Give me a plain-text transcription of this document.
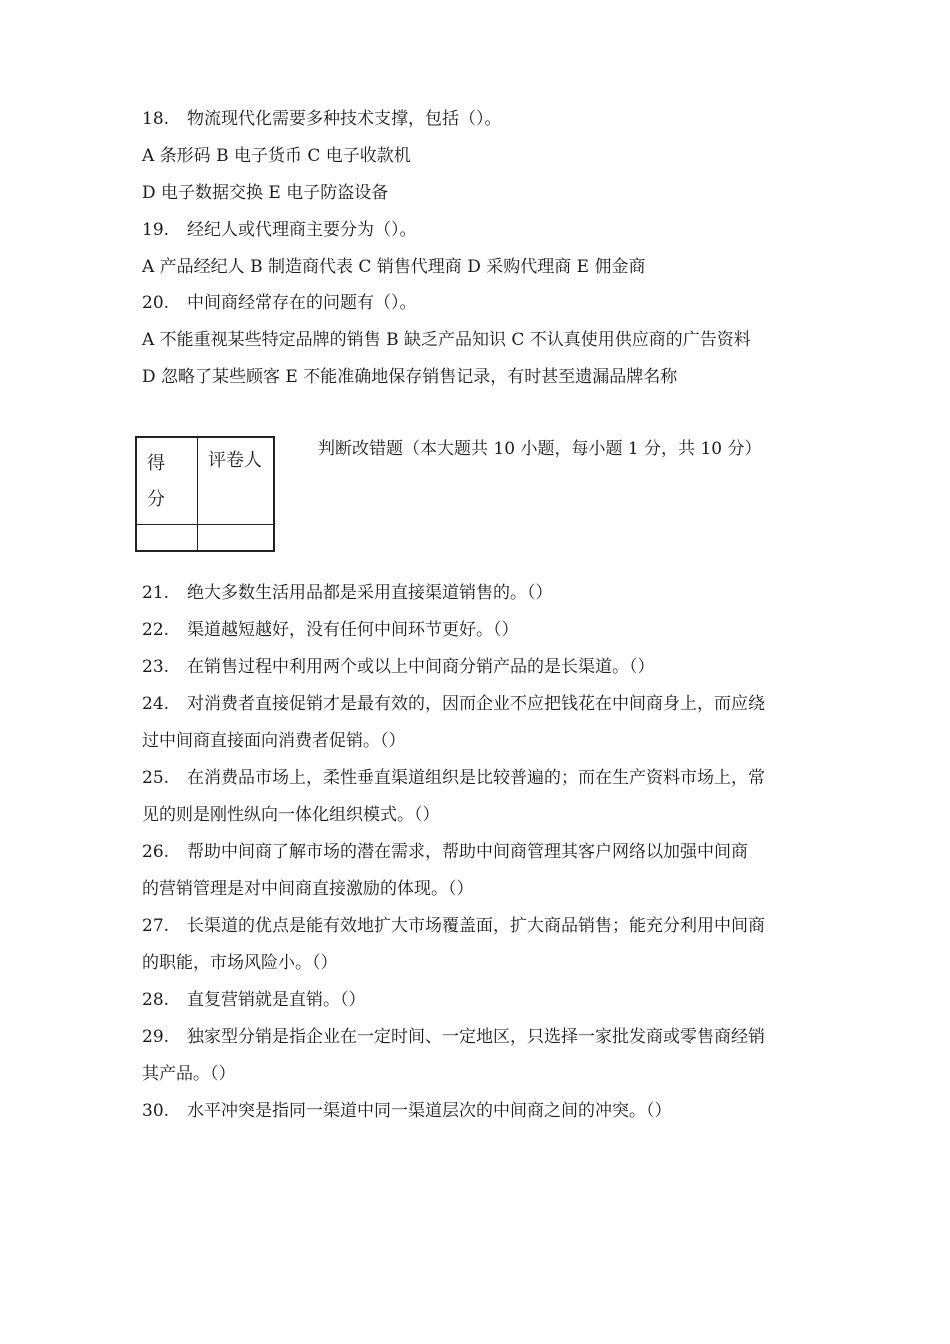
18. 物流现代化需要多种技术支撑，包括（）。
A 条形码 B 电子货币 C 电子收款机
D 电子数据交换 E 电子防盗设备
19. 经纪人或代理商主要分为（）。
A 产品经纪人 B 制造商代表 C 销售代理商 D 采购代理商 E 佣金商
20. 中间商经常存在的问题有（）。
A 不能重视某些特定品牌的销售 B 缺乏产品知识 C 不认真使用供应商的广告资料
D 忽略了某些顾客 E 不能准确地保存销售记录，有时甚至遗漏品牌名称
得
分	评卷人

判断改错题（本大题共 10 小题，每小题 1 分，共 10 分）
21. 绝大多数生活用品都是采用直接渠道销售的。（）
22. 渠道越短越好，没有任何中间环节更好。（）
23. 在销售过程中利用两个或以上中间商分销产品的是长渠道。（）
24. 对消费者直接促销才是最有效的，因而企业不应把钱花在中间商身上，而应绕
过中间商直接面向消费者促销。（）
25. 在消费品市场上，柔性垂直渠道组织是比较普遍的；而在生产资料市场上，常
见的则是刚性纵向一体化组织模式。（）
26. 帮助中间商了解市场的潜在需求，帮助中间商管理其客户网络以加强中间商
的营销管理是对中间商直接激励的体现。（）
27. 长渠道的优点是能有效地扩大市场覆盖面，扩大商品销售；能充分利用中间商
的职能，市场风险小。（）
28. 直复营销就是直销。（）
29. 独家型分销是指企业在一定时间、一定地区，只选择一家批发商或零售商经销
其产品。（）
30. 水平冲突是指同一渠道中同一渠道层次的中间商之间的冲突。（）
